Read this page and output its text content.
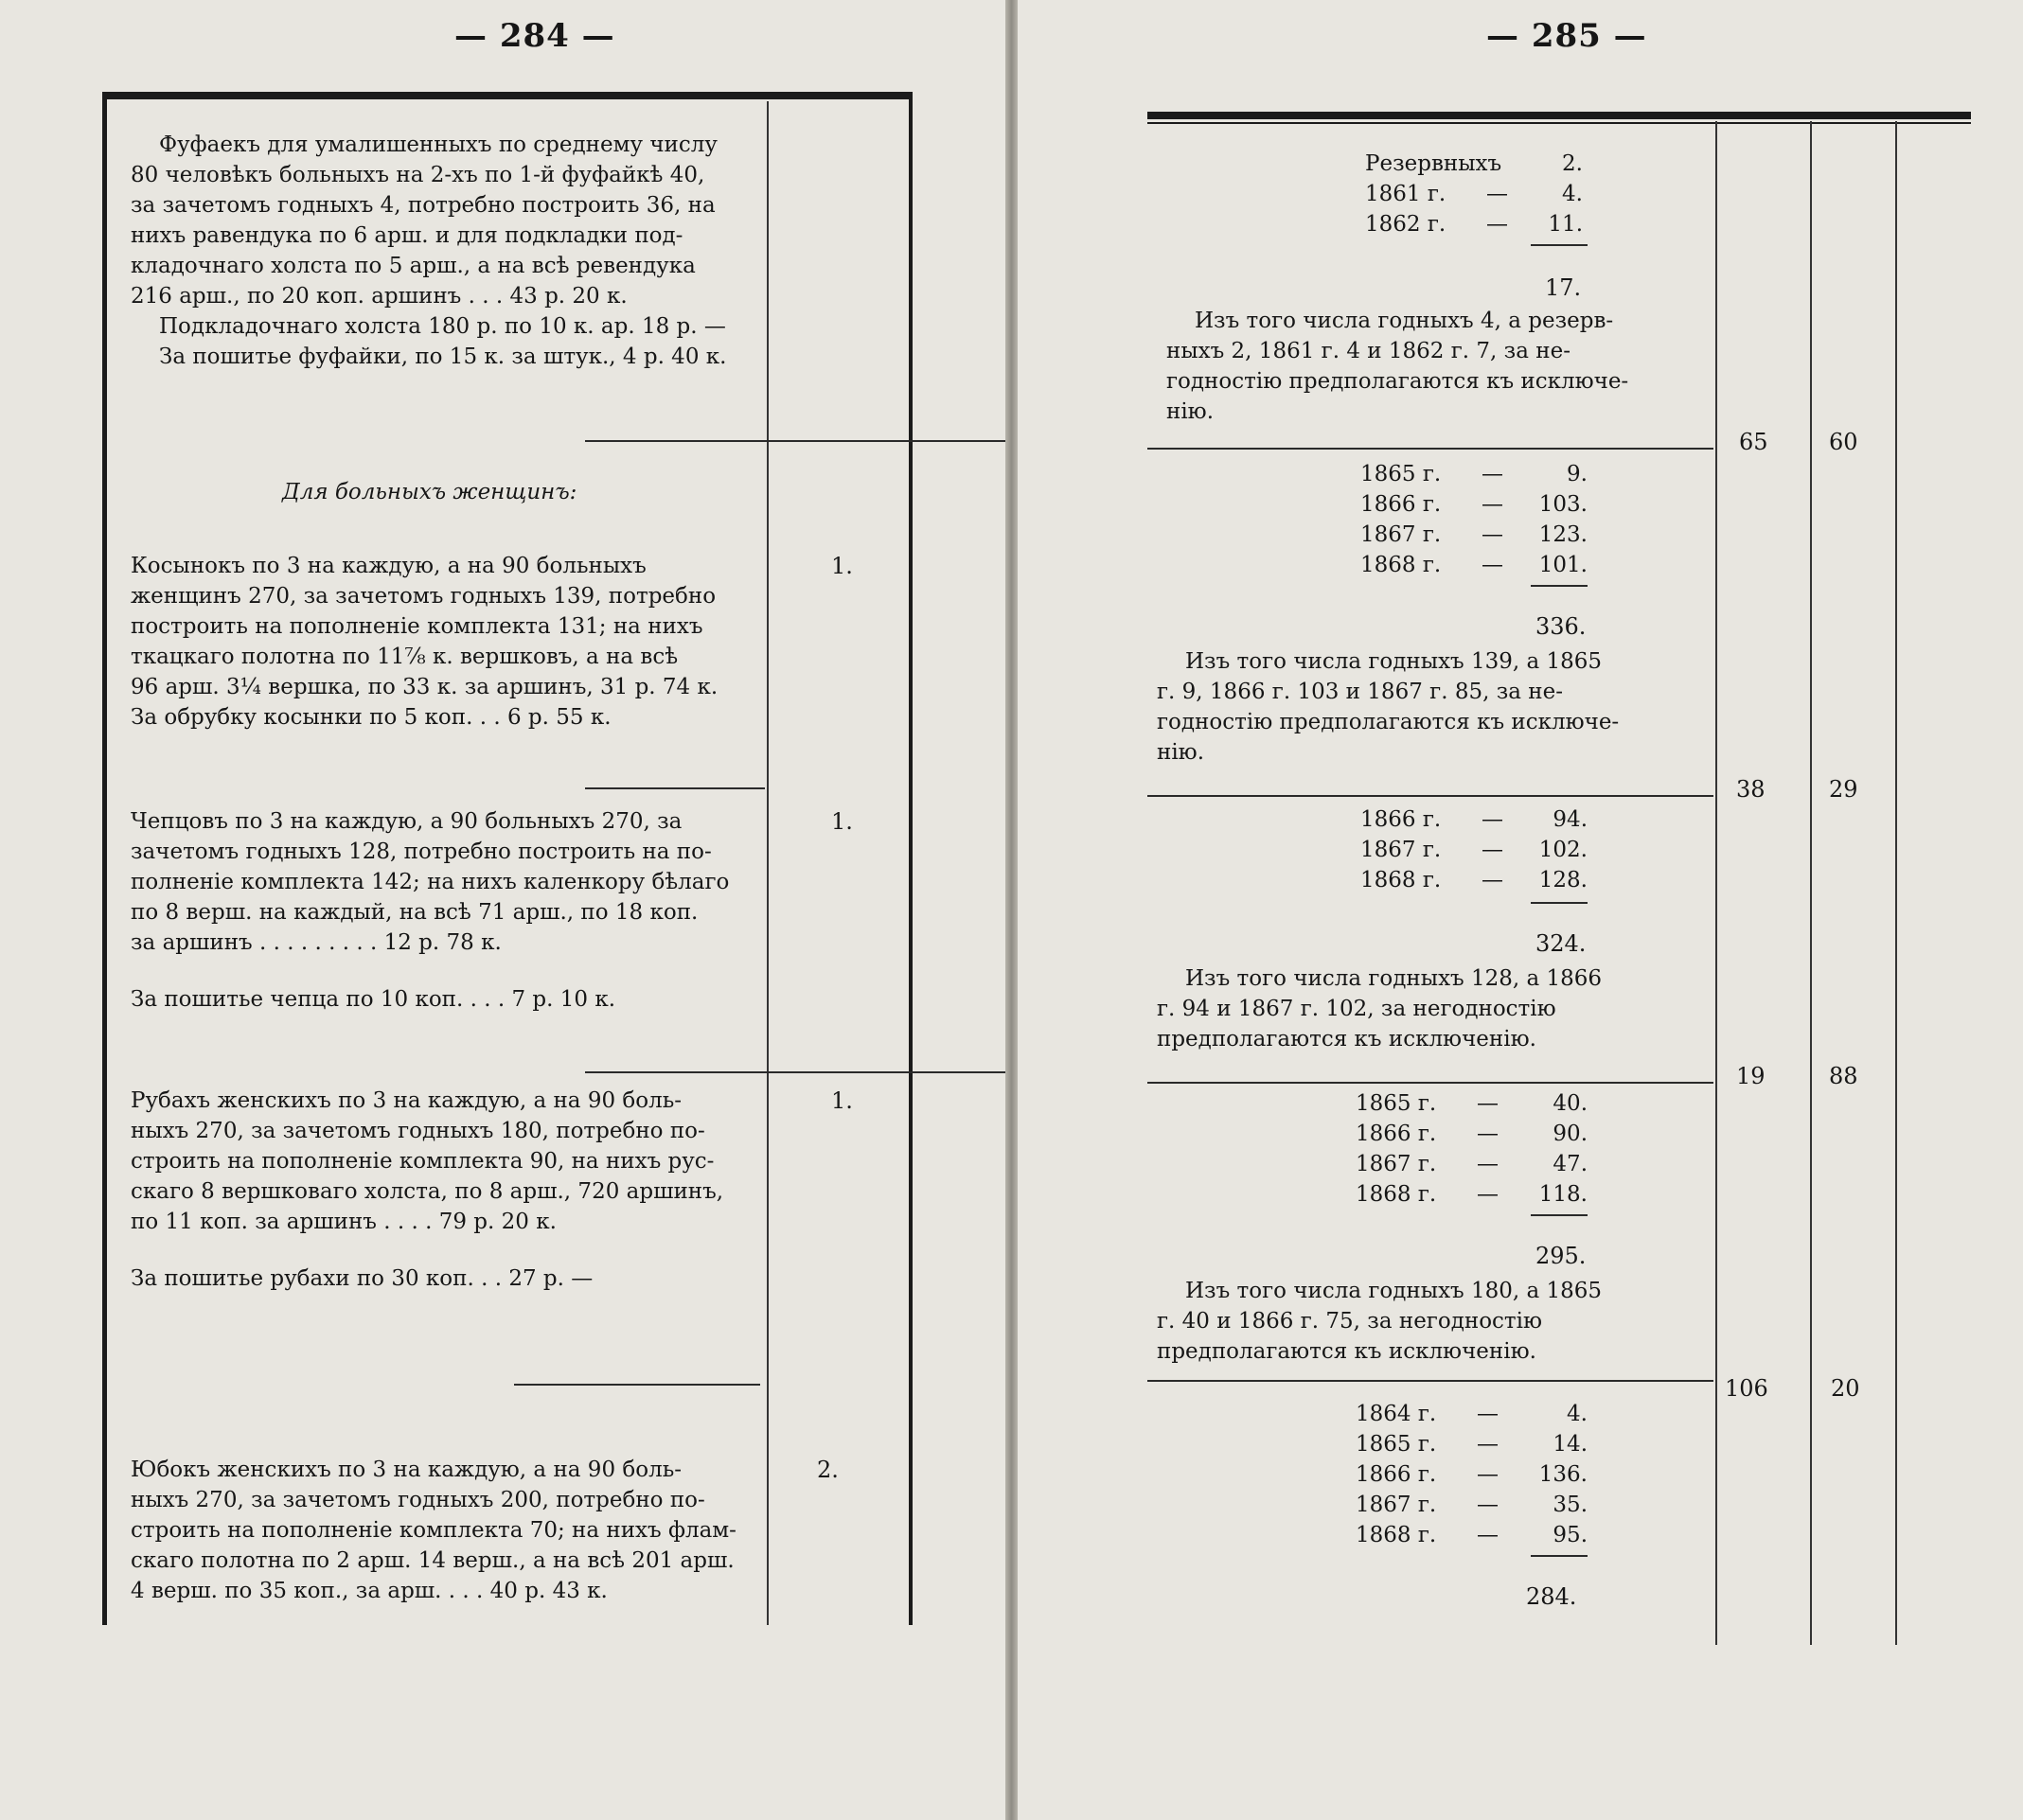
— 284 —
Фуфаекъ для умалишенныхъ по среднему числу
80 человѣкъ больныхъ на 2-хъ по 1-й фуфайкѣ 40,
за зачетомъ годныхъ 4, потребно построить 36, на
нихъ равендука по 6 арш. и для подкладки под-
кладочнаго холста по 5 арш., а на всѣ ревендука
216 арш., по 20 коп. аршинъ . . . 43 р. 20 к.
Подкладочнаго холста 180 р. по 10 к. ар. 18 р. —
За пошитье фуфайки, по 15 к. за штук., 4 р. 40 к.
Для больныхъ женщинъ:
Косынокъ по 3 на каждую, а на 90 больныхъ
женщинъ 270, за зачетомъ годныхъ 139, потребно
построить на пополненіе комплекта 131; на нихъ
ткацкаго полотна по 11⅞ к. вершковъ, а на всѣ
96 арш. 3¼ вершка, по 33 к. за аршинъ, 31 р. 74 к.
За обрубку косынки по 5 коп. . . 6 р. 55 к.
1.
Чепцовъ по 3 на каждую, а 90 больныхъ 270, за
зачетомъ годныхъ 128, потребно построить на по-
полненіе комплекта 142; на нихъ каленкору бѣлаго
по 8 верш. на каждый, на всѣ 71 арш., по 18 коп.
за аршинъ . . . . . . . . . 12 р. 78 к.
За пошитье чепца по 10 коп. . . . 7 р. 10 к.
1.
Рубахъ женскихъ по 3 на каждую, а на 90 боль-
ныхъ 270, за зачетомъ годныхъ 180, потребно по-
строить на пополненіе комплекта 90, на нихъ рус-
скаго 8 вершковаго холста, по 8 арш., 720 аршинъ,
по 11 коп. за аршинъ . . . . 79 р. 20 к.
За пошитье рубахи по 30 коп. . . 27 р. —
1.
Юбокъ женскихъ по 3 на каждую, а на 90 боль-
ныхъ 270, за зачетомъ годныхъ 200, потребно по-
строить на пополненіе комплекта 70; на нихъ флам-
скаго полотна по 2 арш. 14 верш., а на всѣ 201 арш.
4 верш. по 35 коп., за арш. . . . 40 р. 43 к.
2.
— 285 —
Резервныхъ	2.
1861 г. — 4.
1862 г. — 11.
17.
Изъ того числа годныхъ 4, а резерв-
ныхъ 2, 1861 г. 4 и 1862 г. 7, за не-
годностію предполагаются къ исключе-
нію.
65	60
1865 г. —	9.
1866 г. — 103.
1867 г. — 123.
1868 г. — 101.
336.
Изъ того числа годныхъ 139, а 1865
г. 9, 1866 г. 103 и 1867 г. 85, за не-
годностію предполагаются къ исключе-
нію.
38	29
1866 г. — 94.
1867 г. — 102.
1868 г. — 128.
324.
Изъ того числа годныхъ 128, а 1866
г. 94 и 1867 г. 102, за негодностію
предполагаются къ исключенію.
19	88
1865 г. — 40.
1866 г. — 90.
1867 г. — 47.
1868 г. — 118.
295.
Изъ того числа годныхъ 180, а 1865
г. 40 и 1866 г. 75, за негодностію
предполагаются къ исключенію.
106	20
1864 г. —	4.
1865 г. — 14.
1866 г. — 136.
1867 г. — 35.
1868 г. — 95.
284.
